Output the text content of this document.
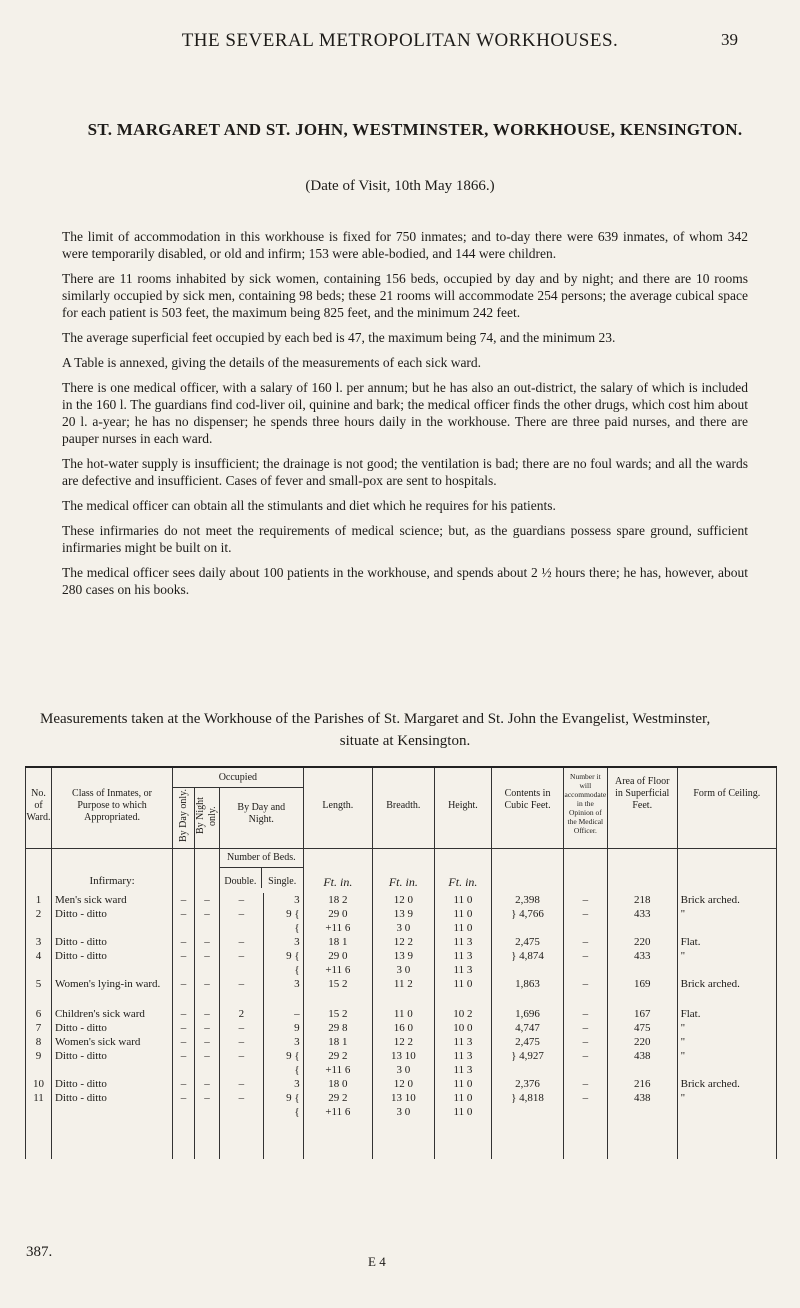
THE SEVERAL METROPOLITAN WORKHOUSES.	39
ST. MARGARET AND ST. JOHN, WESTMINSTER, WORKHOUSE, KENSINGTON.
(Date of Visit, 10th May 1866.)

The limit of accommodation in this workhouse is fixed for 750 inmates; and to-day there were 639 inmates, of whom 342 were temporarily disabled, or old and infirm; 153 were able-bodied, and 144 were children.

There are 11 rooms inhabited by sick women, containing 156 beds, occupied by day and by night; and there are 10 rooms similarly occupied by sick men, containing 98 beds; these 21 rooms will accommodate 254 persons; the average cubical space for each patient is 503 feet, the maximum being 825 feet, and the minimum 242 feet.

The average superficial feet occupied by each bed is 47, the maximum being 74, and the minimum 23.

A Table is annexed, giving the details of the measurements of each sick ward.

There is one medical officer, with a salary of 160 l. per annum; but he has also an out-district, the salary of which is included in the 160 l. The guardians find cod-liver oil, quinine and bark; the medical officer finds the other drugs, which cost him about 20 l. a-year; he has no dispenser; he spends three hours daily in the workhouse. There are three paid nurses, and there are pauper nurses in each ward.

The hot-water supply is insufficient; the drainage is not good; the ventilation is bad; there are no foul wards; and all the wards are defective and insufficient. Cases of fever and small-pox are sent to hospitals.

The medical officer can obtain all the stimulants and diet which he requires for his patients.

These infirmaries do not meet the requirements of medical science; but, as the guardians possess spare ground, sufficient infirmaries might be built on it.

The medical officer sees daily about 100 patients in the workhouse, and spends about 2 ½ hours there; he has, however, about 280 cases on his books.

Measurements taken at the Workhouse of the Parishes of St. Margaret and St. John the Evangelist, Westminster,
situate at Kensington.
No. of Ward.	Class of Inmates, or Purpose to which Appropriated.	Occupied				Length.	Breadth.	Height.	Contents in Cubic Feet.	Number it will accommodate in the Opinion of the Medical Officer.	Area of Floor in Superficial Feet.	Form of Ceiling.

		By Day only.	By Night only.	By Day and Night.								

	Infirmary:			Number of Beds.
Double. Single.		Ft. in.	Ft. in.	Ft. in.				

1	Men's sick ward	–	–	–	3	18 2	12 0	11 0	2,398	–	218	Brick arched.
2	Ditto - ditto	–	–	–	9 {	29 0	13 9	11 0	} 4,766	–	433	"
					{	+11 6	3 0	11 0				
3	Ditto - ditto	–	–	–	3	18 1	12 2	11 3	2,475	–	220	Flat.
4	Ditto - ditto	–	–	–	9 {	29 0	13 9	11 3	} 4,874	–	433	"
					{	+11 6	3 0	11 3				
5	Women's lying-in ward.	–	–	–	3	15 2	11 2	11 0	1,863	–	169	Brick arched.
6	Children's sick ward	–	–	2	–	15 2	11 0	10 2	1,696	–	167	Flat.
7	Ditto - ditto	–	–	–	9	29 8	16 0	10 0	4,747	–	475	"
8	Women's sick ward	–	–	–	3	18 1	12 2	11 3	2,475	–	220	"
9	Ditto - ditto	–	–	–	9 {	29 2	13 10	11 3	} 4,927	–	438	"
					{	+11 6	3 0	11 3				
10	Ditto - ditto	–	–	–	3	18 0	12 0	11 0	2,376	–	216	Brick arched.
11	Ditto - ditto	–	–	–	9 {	29 2	13 10	11 0	} 4,818	–	438	"
					{	+11 6	3 0	11 0				

387.
E 4
